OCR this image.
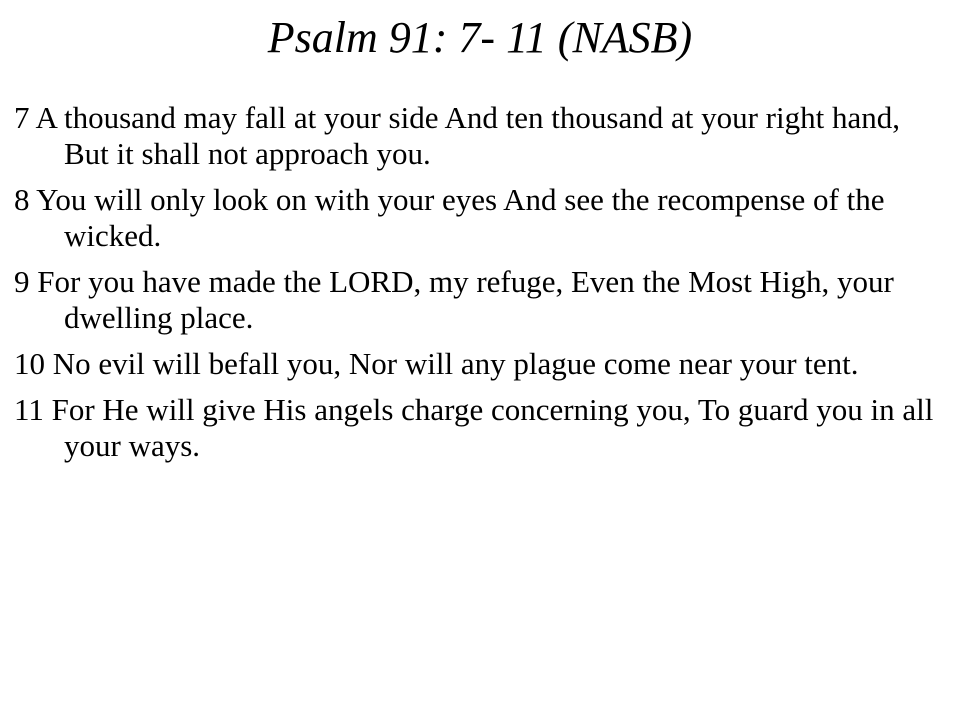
Psalm 91: 7- 11 (NASB)
7 A thousand may fall at your side And ten thousand at your right hand, But it shall not approach you.
8 You will only look on with your eyes And see the recompense of the wicked.
9 For you have made the LORD, my refuge, Even the Most High, your dwelling place.
10 No evil will befall you, Nor will any plague come near your tent.
11 For He will give His angels charge concerning you, To guard you in all your ways.
